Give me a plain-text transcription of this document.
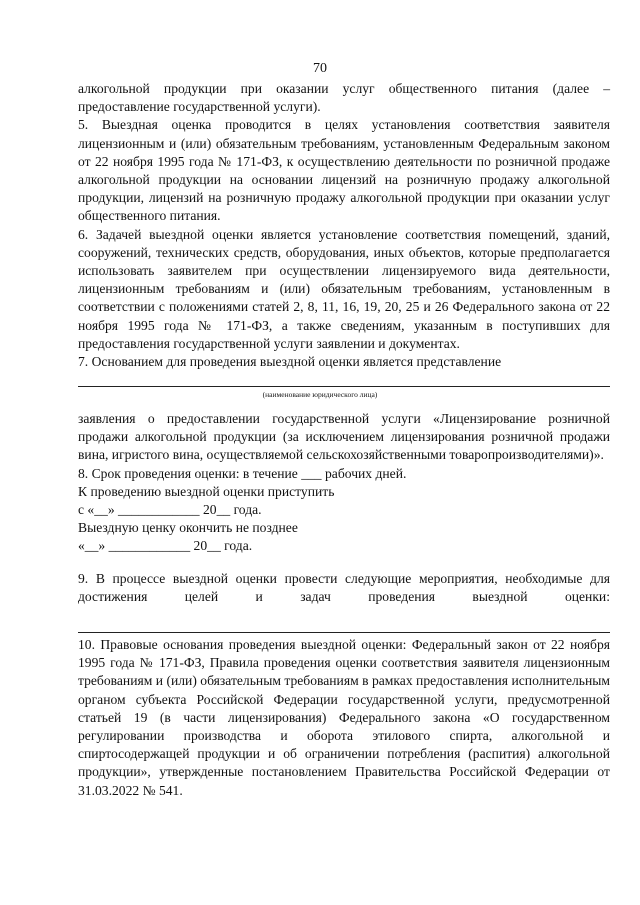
70

алкогольной продукции при оказании услуг общественного питания (далее – предоставление государственной услуги).

5. Выездная оценка проводится в целях установления соответствия заявителя лицензионным и (или) обязательным требованиям, установленным Федеральным законом от 22 ноября 1995 года № 171-ФЗ, к осуществлению деятельности по розничной продаже алкогольной продукции на основании лицензий на розничную продажу алкогольной продукции, лицензий на розничную продажу алкогольной продукции при оказании услуг общественного питания.

6. Задачей выездной оценки является установление соответствия помещений, зданий, сооружений, технических средств, оборудования, иных объектов, которые предполагается использовать заявителем при осуществлении лицензируемого вида деятельности, лицензионным требованиям и (или) обязательным требованиям, установленным в соответствии с положениями статей 2, 8, 11, 16, 19, 20, 25 и 26 Федерального закона от 22 ноября 1995 года № 171-ФЗ, а также сведениям, указанным в поступивших для предоставления государственной услуги заявлении и документах.

7. Основанием для проведения выездной оценки является представление

(наименование юридического лица)

заявления о предоставлении государственной услуги «Лицензирование розничной продажи алкогольной продукции (за исключением лицензирования розничной продажи вина, игристого вина, осуществляемой сельскохозяйственными товаропроизводителями)».

8. Срок проведения оценки: в течение ___ рабочих дней.

К проведению выездной оценки приступить

с «__» ____________ 20__ года.

Выездную ценку окончить не позднее

«__» ____________ 20__ года.

9. В процессе выездной оценки провести следующие мероприятия, необходимые для достижения целей и задач проведения выездной оценки:

10. Правовые основания проведения выездной оценки: Федеральный закон от 22 ноября 1995 года № 171-ФЗ, Правила проведения оценки соответствия заявителя лицензионным требованиям и (или) обязательным требованиям в рамках предоставления исполнительным органом субъекта Российской Федерации государственной услуги, предусмотренной статьей 19 (в части лицензирования) Федерального закона «О государственном регулировании производства и оборота этилового спирта, алкогольной и спиртосодержащей продукции и об ограничении потребления (распития) алкогольной продукции», утвержденные постановлением Правительства Российской Федерации от 31.03.2022 № 541.
